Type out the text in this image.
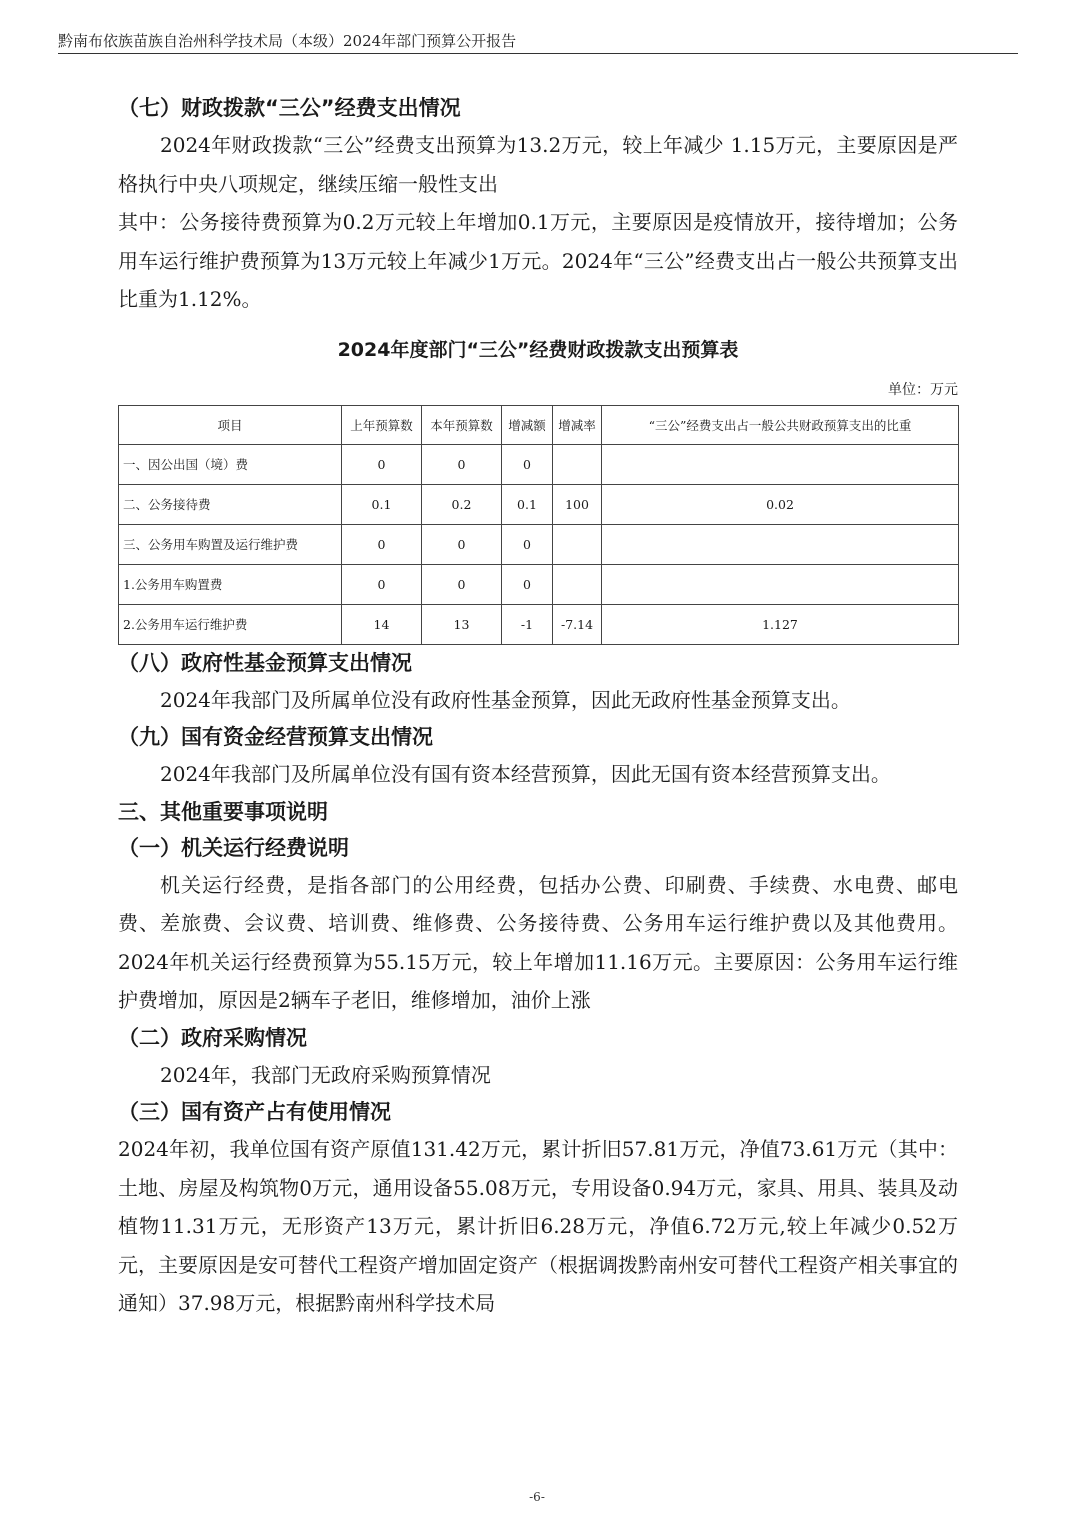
黔南布依族苗族自治州科学技术局（本级）2024年部门预算公开报告
（七）财政拨款“三公”经费支出情况

2024年财政拨款“三公”经费支出预算为13.2万元，较上年减少 1.15万元，主要原因是严格执行中央八项规定，继续压缩一般性支出

其中：公务接待费预算为0.2万元较上年增加0.1万元，主要原因是疫情放开，接待增加；公务用车运行维护费预算为13万元较上年减少1万元。2024年“三公”经费支出占一般公共预算支出比重为1.12%。

2024年度部门“三公”经费财政拨款支出预算表
单位：万元
项目	上年预算数	本年预算数	增减额	增减率	“三公”经费支出占一般公共财政预算支出的比重
一、因公出国（境）费	0	0	0		
二、公务接待费	0.1	0.2	0.1	100	0.02
三、公务用车购置及运行维护费	0	0	0		
1.公务用车购置费	0	0	0		
2.公务用车运行维护费	14	13	-1	-7.14	1.127
（八）政府性基金预算支出情况

2024年我部门及所属单位没有政府性基金预算，因此无政府性基金预算支出。

（九）国有资金经营预算支出情况

2024年我部门及所属单位没有国有资本经营预算，因此无国有资本经营预算支出。

三、其他重要事项说明
（一）机关运行经费说明

机关运行经费，是指各部门的公用经费，包括办公费、印刷费、手续费、水电费、邮电费、差旅费、会议费、培训费、维修费、公务接待费、公务用车运行维护费以及其他费用。2024年机关运行经费预算为55.15万元，较上年增加11.16万元。主要原因：公务用车运行维护费增加，原因是2辆车子老旧，维修增加，油价上涨

（二）政府采购情况

2024年，我部门无政府采购预算情况

（三）国有资产占有使用情况

2024年初，我单位国有资产原值131.42万元，累计折旧57.81万元，净值73.61万元（其中：土地、房屋及构筑物0万元，通用设备55.08万元，专用设备0.94万元，家具、用具、装具及动植物11.31万元，无形资产13万元，累计折旧6.28万元，净值6.72万元,较上年减少0.52万元，主要原因是安可替代工程资产增加固定资产（根据调拨黔南州安可替代工程资产相关事宜的通知）37.98万元，根据黔南州科学技术局

-6-
